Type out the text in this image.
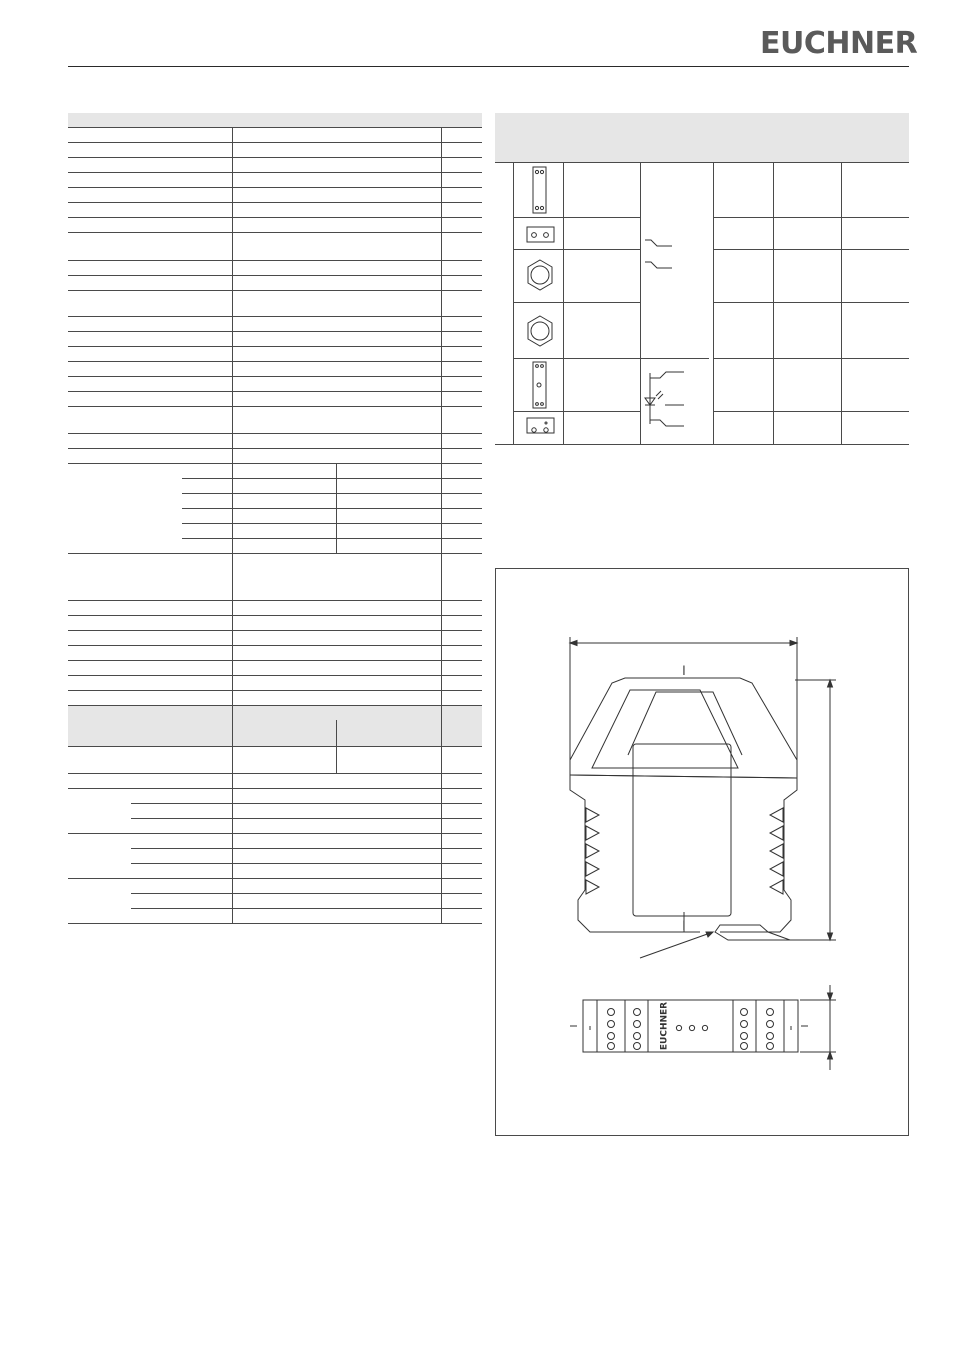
EUCHNER
l
l
EUCHNER
